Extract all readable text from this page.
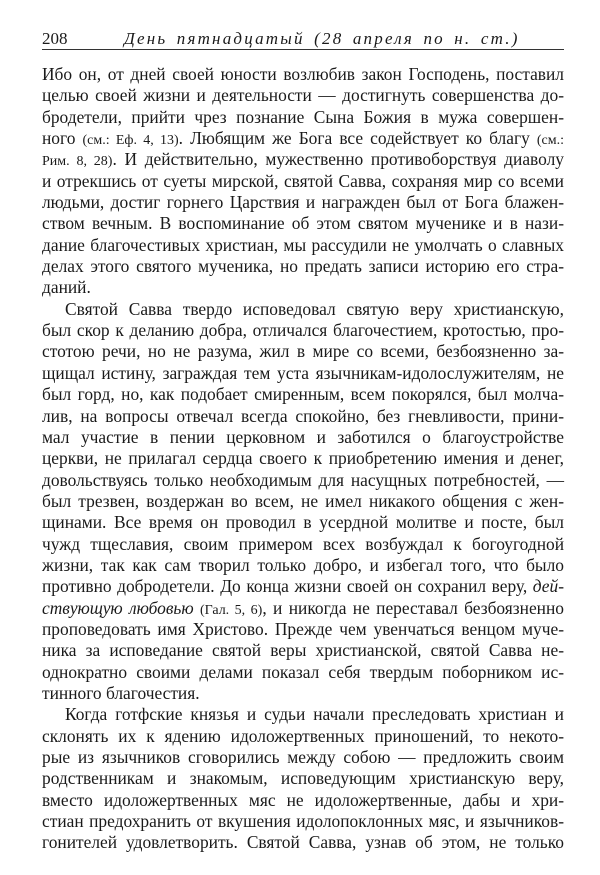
208	День пятнадцатый (28 апреля по н. ст.)
Ибо он, от дней своей юности возлюбив закон Господень, поставил
целью своей жизни и деятельности — достигнуть совершенства до-
бродетели, прийти чрез познание Сына Божия в мужа совершен-
ного (см.: Еф. 4, 13). Любящим же Бога все содействует ко благу (см.:
Рим. 8, 28). И действительно, мужественно противоборствуя диаволу
и отрекшись от суеты мирской, святой Савва, сохраняя мир со всеми
людьми, достиг горнего Царствия и награжден был от Бога блажен-
ством вечным. В воспоминание об этом святом мученике и в нази-
дание благочестивых христиан, мы рассудили не умолчать о славных
делах этого святого мученика, но предать записи историю его стра-
даний.
Святой Савва твердо исповедовал святую веру христианскую,
был скор к деланию добра, отличался благочестием, кротостью, про-
стотою речи, но не разума, жил в мире со всеми, безбоязненно за-
щищал истину, заграждая тем уста язычникам-идолослужителям, не
был горд, но, как подобает смиренным, всем покорялся, был молча-
лив, на вопросы отвечал всегда спокойно, без гневливости, прини-
мал участие в пении церковном и заботился о благоустройстве
церкви, не прилагал сердца своего к приобретению имения и денег,
довольствуясь только необходимым для насущных потребностей, —
был трезвен, воздержан во всем, не имел никакого общения с жен-
щинами. Все время он проводил в усердной молитве и посте, был
чужд тщеславия, своим примером всех возбуждал к богоугодной
жизни, так как сам творил только добро, и избегал того, что было
противно добродетели. До конца жизни своей он сохранил веру, дей-
ствующую любовью (Гал. 5, 6), и никогда не переставал безбоязненно
проповедовать имя Христово. Прежде чем увенчаться венцом муче-
ника за исповедание святой веры христианской, святой Савва не-
однократно своими делами показал себя твердым поборником ис-
тинного благочестия.
Когда готфские князья и судьи начали преследовать христиан и
склонять их к ядению идоложертвенных приношений, то некото-
рые из язычников сговорились между собою — предложить своим
родственникам и знакомым, исповедующим христианскую веру,
вместо идоложертвенных мяс не идоложертвенные, дабы и хри-
стиан предохранить от вкушения идолопоклонных мяс, и язычников-
гонителей удовлетворить. Святой Савва, узнав об этом, не только
